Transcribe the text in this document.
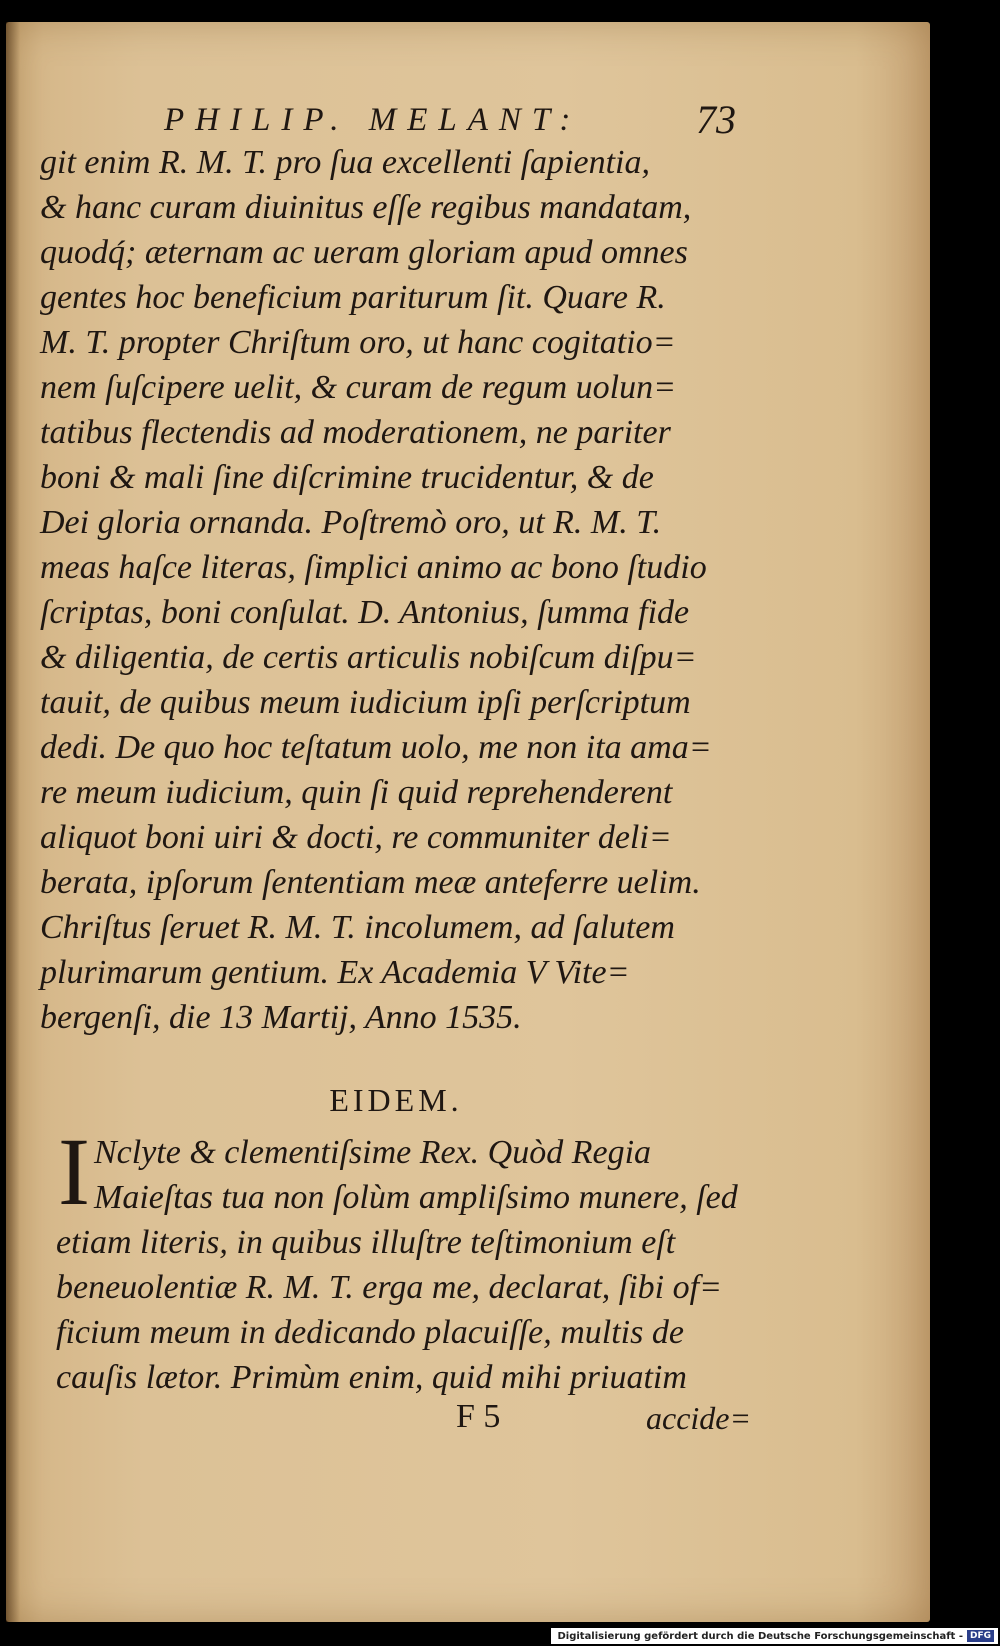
PHILIP. MELANT:	73
git enim R. M. T. pro ſua excellenti ſapientia,
& hanc curam diuinitus eſſe regibus mandatam,
quodq́; æternam ac ueram gloriam apud omnes
gentes hoc beneficium pariturum ſit. Quare R.
M. T. propter Chriſtum oro, ut hanc cogitatio=
nem ſuſcipere uelit, & curam de regum uolun=
tatibus flectendis ad moderationem, ne pariter
boni & mali ſine diſcrimine trucidentur, & de
Dei gloria ornanda. Poſtremò oro, ut R. M. T.
meas haſce literas, ſimplici animo ac bono ſtudio
ſcriptas, boni conſulat. D. Antonius, ſumma fide
& diligentia, de certis articulis nobiſcum diſpu=
tauit, de quibus meum iudicium ipſi perſcriptum
dedi. De quo hoc teſtatum uolo, me non ita ama=
re meum iudicium, quin ſi quid reprehenderent
aliquot boni uiri & docti, re communiter deli=
berata, ipſorum ſententiam meæ anteferre uelim.
Chriſtus ſeruet R. M. T. incolumem, ad ſalutem
plurimarum gentium. Ex Academia V Vite=
bergenſi, die 13 Martij, Anno 1535.
EIDEM.
I Nclyte & clementiſsime Rex. Quòd Regia
Maieſtas tua non ſolùm ampliſsimo munere, ſed
etiam literis, in quibus illuſtre teſtimonium eſt
beneuolentiæ R. M. T. erga me, declarat, ſibi of=
ficium meum in dedicando placuiſſe, multis de
cauſis lætor. Primùm enim, quid mihi priuatim
F 5	accide=
Digitalisierung gefördert durch die Deutsche Forschungsgemeinschaft - DFG
